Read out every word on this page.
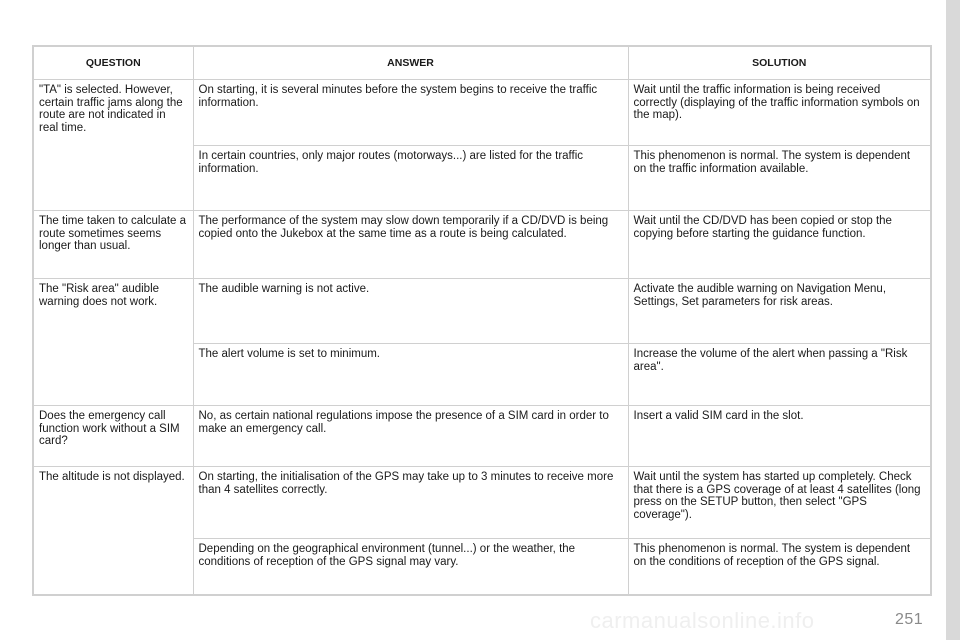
QUESTION	ANSWER	SOLUTION
"TA" is selected. However, certain traffic jams along the route are not indicated in real time.	On starting, it is several minutes before the system begins to receive the traffic information.	Wait until the traffic information is being received correctly (displaying of the traffic information symbols on the map).
	In certain countries, only major routes (motorways...) are listed for the traffic information.	This phenomenon is normal. The system is dependent on the traffic information available.
The time taken to calculate a route sometimes seems longer than usual.	The performance of the system may slow down temporarily if a CD/DVD is being copied onto the Jukebox at the same time as a route is being calculated.	Wait until the CD/DVD has been copied or stop the copying before starting the guidance function.
The "Risk area" audible warning does not work.	The audible warning is not active.	Activate the audible warning on Navigation Menu, Settings, Set parameters for risk areas.
	The alert volume is set to minimum.	Increase the volume of the alert when passing a "Risk area".
Does the emergency call function work without a SIM card?	No, as certain national regulations impose the presence of a SIM card in order to make an emergency call.	Insert a valid SIM card in the slot.
The altitude is not displayed.	On starting, the initialisation of the GPS may take up to 3 minutes to receive more than 4 satellites correctly.	Wait until the system has started up completely. Check that there is a GPS coverage of at least 4 satellites (long press on the SETUP button, then select "GPS coverage").
	Depending on the geographical environment (tunnel...) or the weather, the conditions of reception of the GPS signal may vary.	This phenomenon is normal. The system is dependent on the conditions of reception of the GPS signal.
carmanualsonline.info	251
